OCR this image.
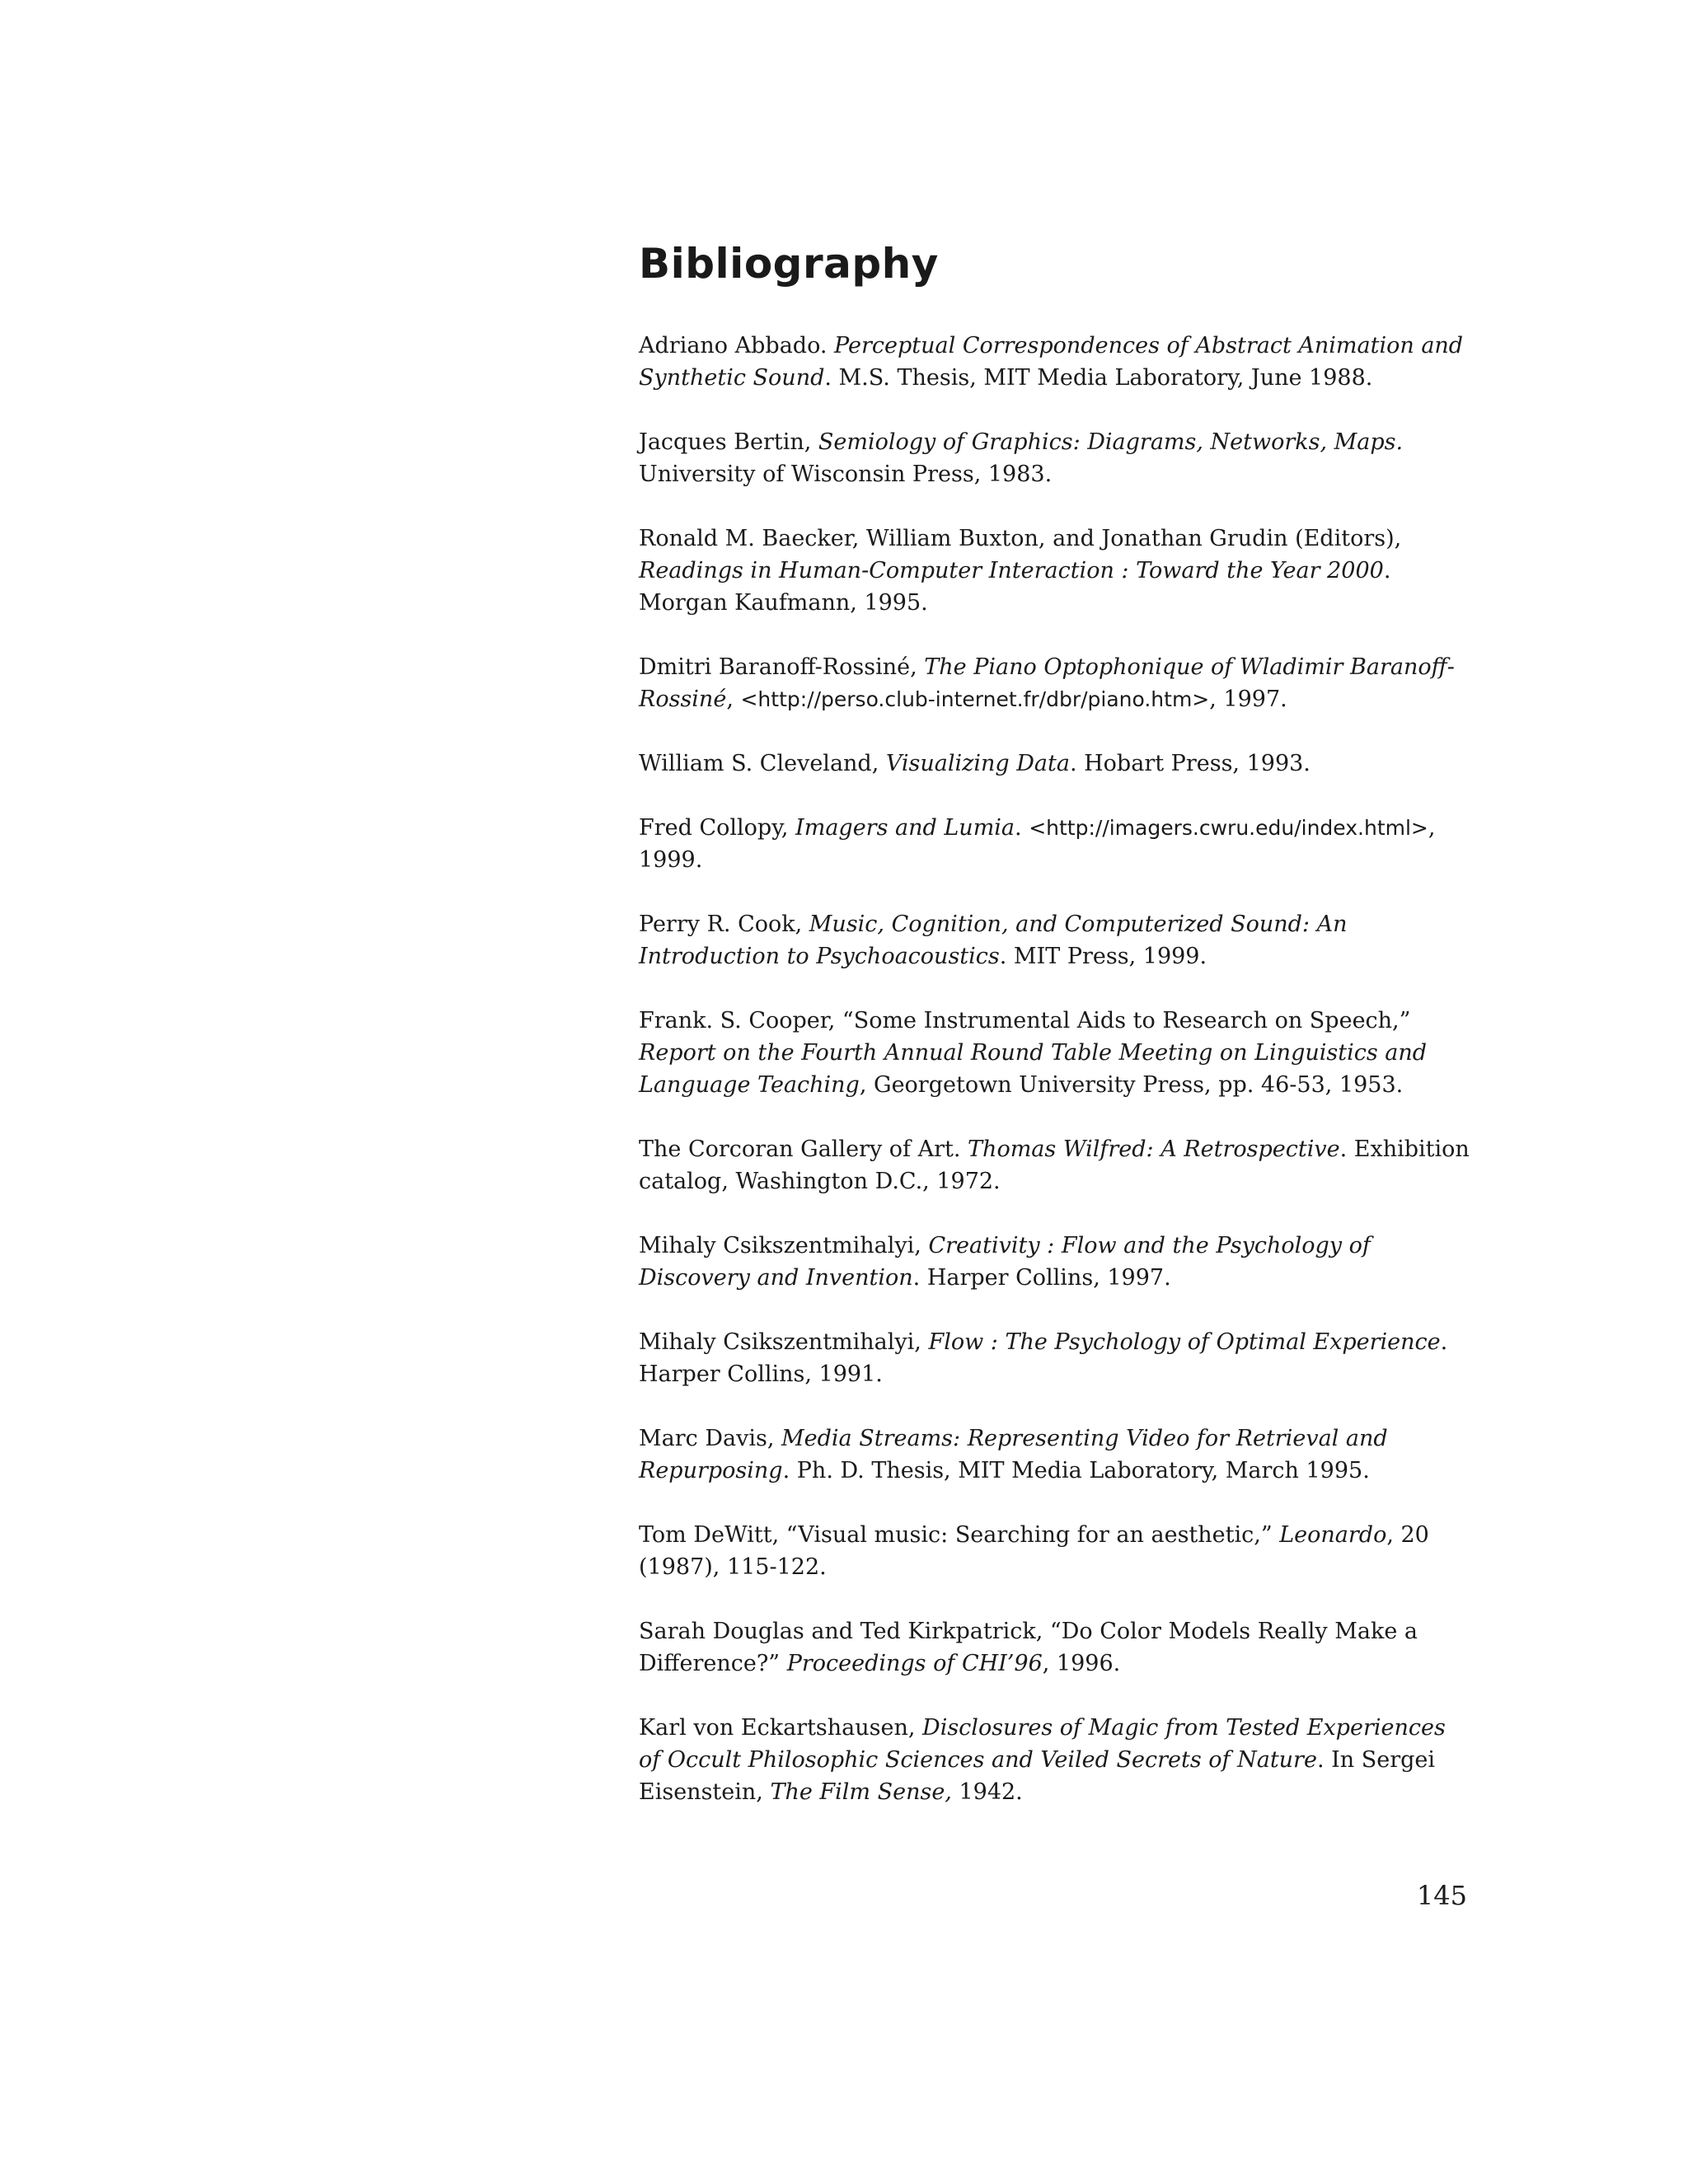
Bibliography
Adriano Abbado. Perceptual Correspondences of Abstract Animation and Synthetic Sound. M.S. Thesis, MIT Media Laboratory, June 1988.
Jacques Bertin, Semiology of Graphics: Diagrams, Networks, Maps. University of Wisconsin Press, 1983.
Ronald M. Baecker, William Buxton, and Jonathan Grudin (Editors), Readings in Human-Computer Interaction : Toward the Year 2000. Morgan Kaufmann, 1995.
Dmitri Baranoff-Rossiné, The Piano Optophonique of Wladimir Baranoff-Rossiné, <http://perso.club-internet.fr/dbr/piano.htm>, 1997.
William S. Cleveland, Visualizing Data. Hobart Press, 1993.
Fred Collopy, Imagers and Lumia. <http://imagers.cwru.edu/index.html>, 1999.
Perry R. Cook, Music, Cognition, and Computerized Sound: An Introduction to Psychoacoustics. MIT Press, 1999.
Frank. S. Cooper, “Some Instrumental Aids to Research on Speech,” Report on the Fourth Annual Round Table Meeting on Linguistics and Language Teaching, Georgetown University Press, pp. 46-53, 1953.
The Corcoran Gallery of Art. Thomas Wilfred: A Retrospective. Exhibition catalog, Washington D.C., 1972.
Mihaly Csikszentmihalyi, Creativity : Flow and the Psychology of Discovery and Invention. Harper Collins, 1997.
Mihaly Csikszentmihalyi, Flow : The Psychology of Optimal Experience. Harper Collins, 1991.
Marc Davis, Media Streams: Representing Video for Retrieval and Repurposing. Ph. D. Thesis, MIT Media Laboratory, March 1995.
Tom DeWitt, “Visual music: Searching for an aesthetic,” Leonardo, 20 (1987), 115-122.
Sarah Douglas and Ted Kirkpatrick, “Do Color Models Really Make a Difference?” Proceedings of CHI’96, 1996.
Karl von Eckartshausen, Disclosures of Magic from Tested Experiences of Occult Philosophic Sciences and Veiled Secrets of Nature. In Sergei Eisenstein, The Film Sense, 1942.
145
